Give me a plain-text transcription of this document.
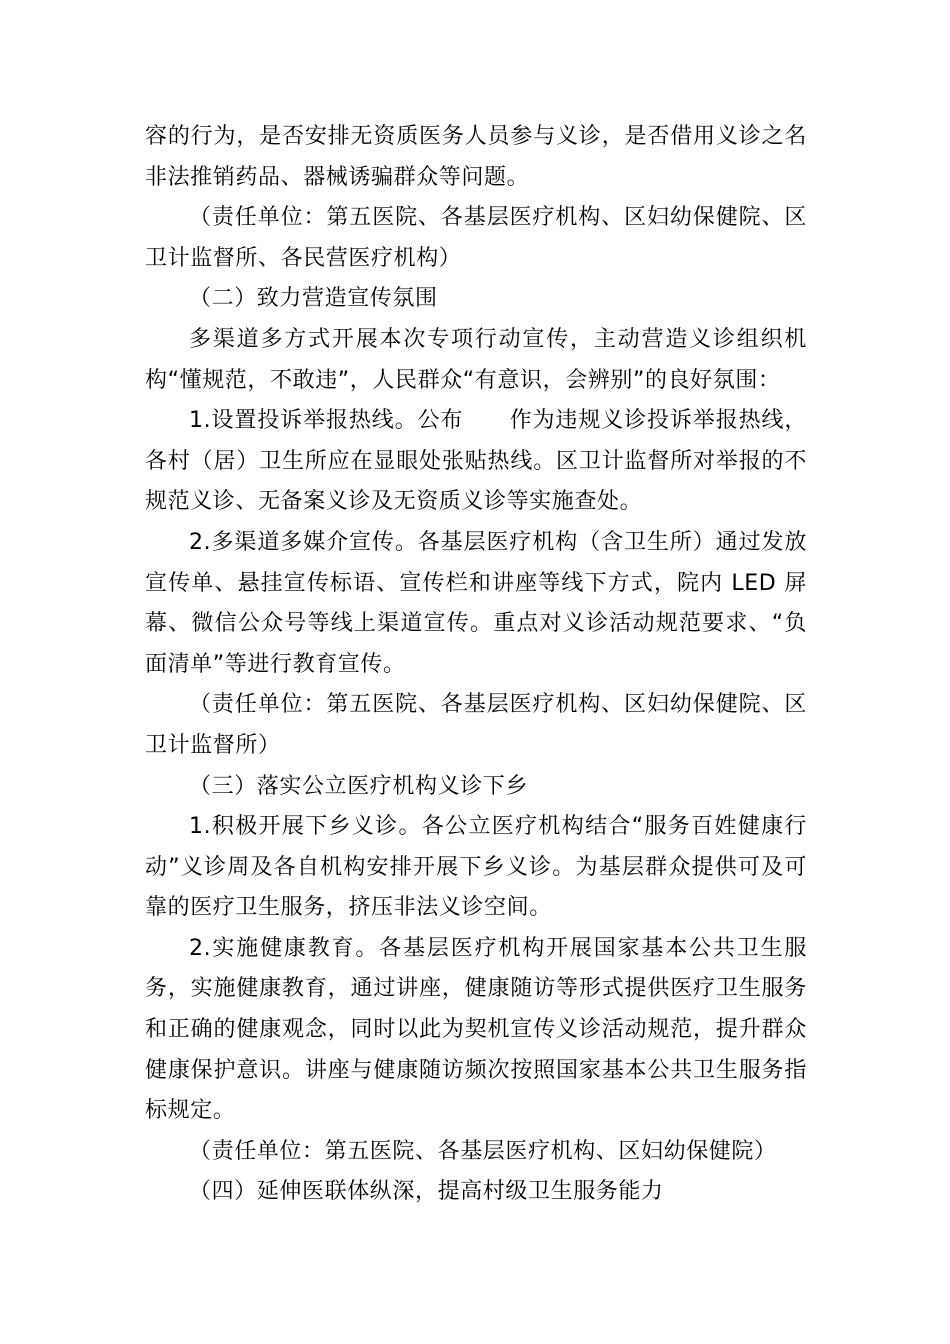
容的行为，是否安排无资质医务人员参与义诊，是否借用义诊之名非法推销药品、器械诱骗群众等问题。

（责任单位：第五医院、各基层医疗机构、区妇幼保健院、区卫计监督所、各民营医疗机构）

（二）致力营造宣传氛围

多渠道多方式开展本次专项行动宣传，主动营造义诊组织机构“懂规范，不敢违”，人民群众“有意识，会辨别”的良好氛围：

1.设置投诉举报热线。公布 作为违规义诊投诉举报热线，各村（居）卫生所应在显眼处张贴热线。区卫计监督所对举报的不规范义诊、无备案义诊及无资质义诊等实施查处。

2.多渠道多媒介宣传。各基层医疗机构（含卫生所）通过发放宣传单、悬挂宣传标语、宣传栏和讲座等线下方式，院内 LED 屏幕、微信公众号等线上渠道宣传。重点对义诊活动规范要求、“负面清单”等进行教育宣传。

（责任单位：第五医院、各基层医疗机构、区妇幼保健院、区卫计监督所）

（三）落实公立医疗机构义诊下乡

1.积极开展下乡义诊。各公立医疗机构结合“服务百姓健康行动”义诊周及各自机构安排开展下乡义诊。为基层群众提供可及可靠的医疗卫生服务，挤压非法义诊空间。

2.实施健康教育。各基层医疗机构开展国家基本公共卫生服务，实施健康教育，通过讲座，健康随访等形式提供医疗卫生服务和正确的健康观念，同时以此为契机宣传义诊活动规范，提升群众健康保护意识。讲座与健康随访频次按照国家基本公共卫生服务指标规定。

（责任单位：第五医院、各基层医疗机构、区妇幼保健院）

（四）延伸医联体纵深，提高村级卫生服务能力
